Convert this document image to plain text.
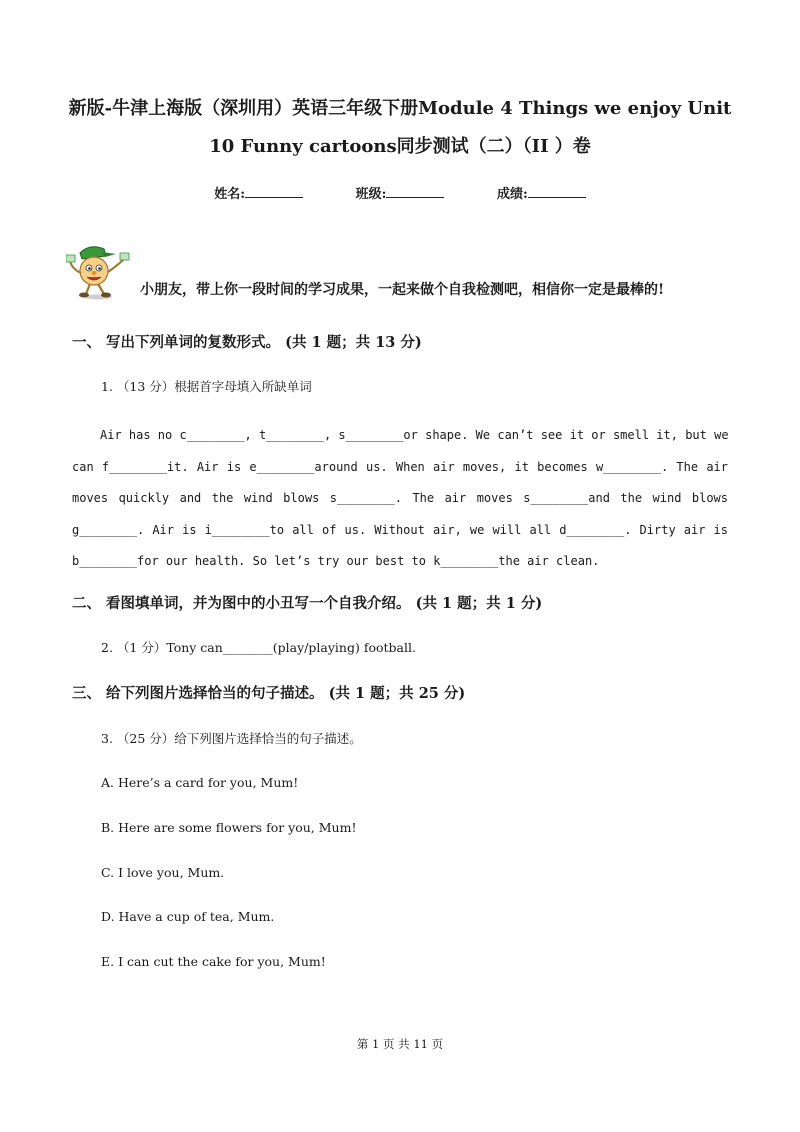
新版-牛津上海版（深圳用）英语三年级下册Module 4 Things we enjoy Unit
10 Funny cartoons同步测试（二）（II ）卷
姓名:	班级:	成绩:
小朋友，带上你一段时间的学习成果，一起来做个自我检测吧，相信你一定是最棒的!
一、 写出下列单词的复数形式。 (共 1 题；共 13 分)
1. （13 分）根据首字母填入所缺单词
Air has no c________, t________, s________or shape. We can’t see it or smell it, but we
can f________it. Air is e________around us. When air moves, it becomes w________. The air
moves quickly and the wind blows s________. The air moves s________and the wind blows
g________. Air is i________to all of us. Without air, we will all d________. Dirty air is
b________for our health. So let’s try our best to k________the air clean.
二、 看图填单词，并为图中的小丑写一个自我介绍。 (共 1 题；共 1 分)
2. （1 分）Tony can________(play/playing) football.
三、 给下列图片选择恰当的句子描述。 (共 1 题；共 25 分)
3. （25 分）给下列图片选择恰当的句子描述。
A. Here’s a card for you, Mum!
B. Here are some flowers for you, Mum!
C. I love you, Mum.
D. Have a cup of tea, Mum.
E. I can cut the cake for you, Mum!
第 1 页 共 11 页
